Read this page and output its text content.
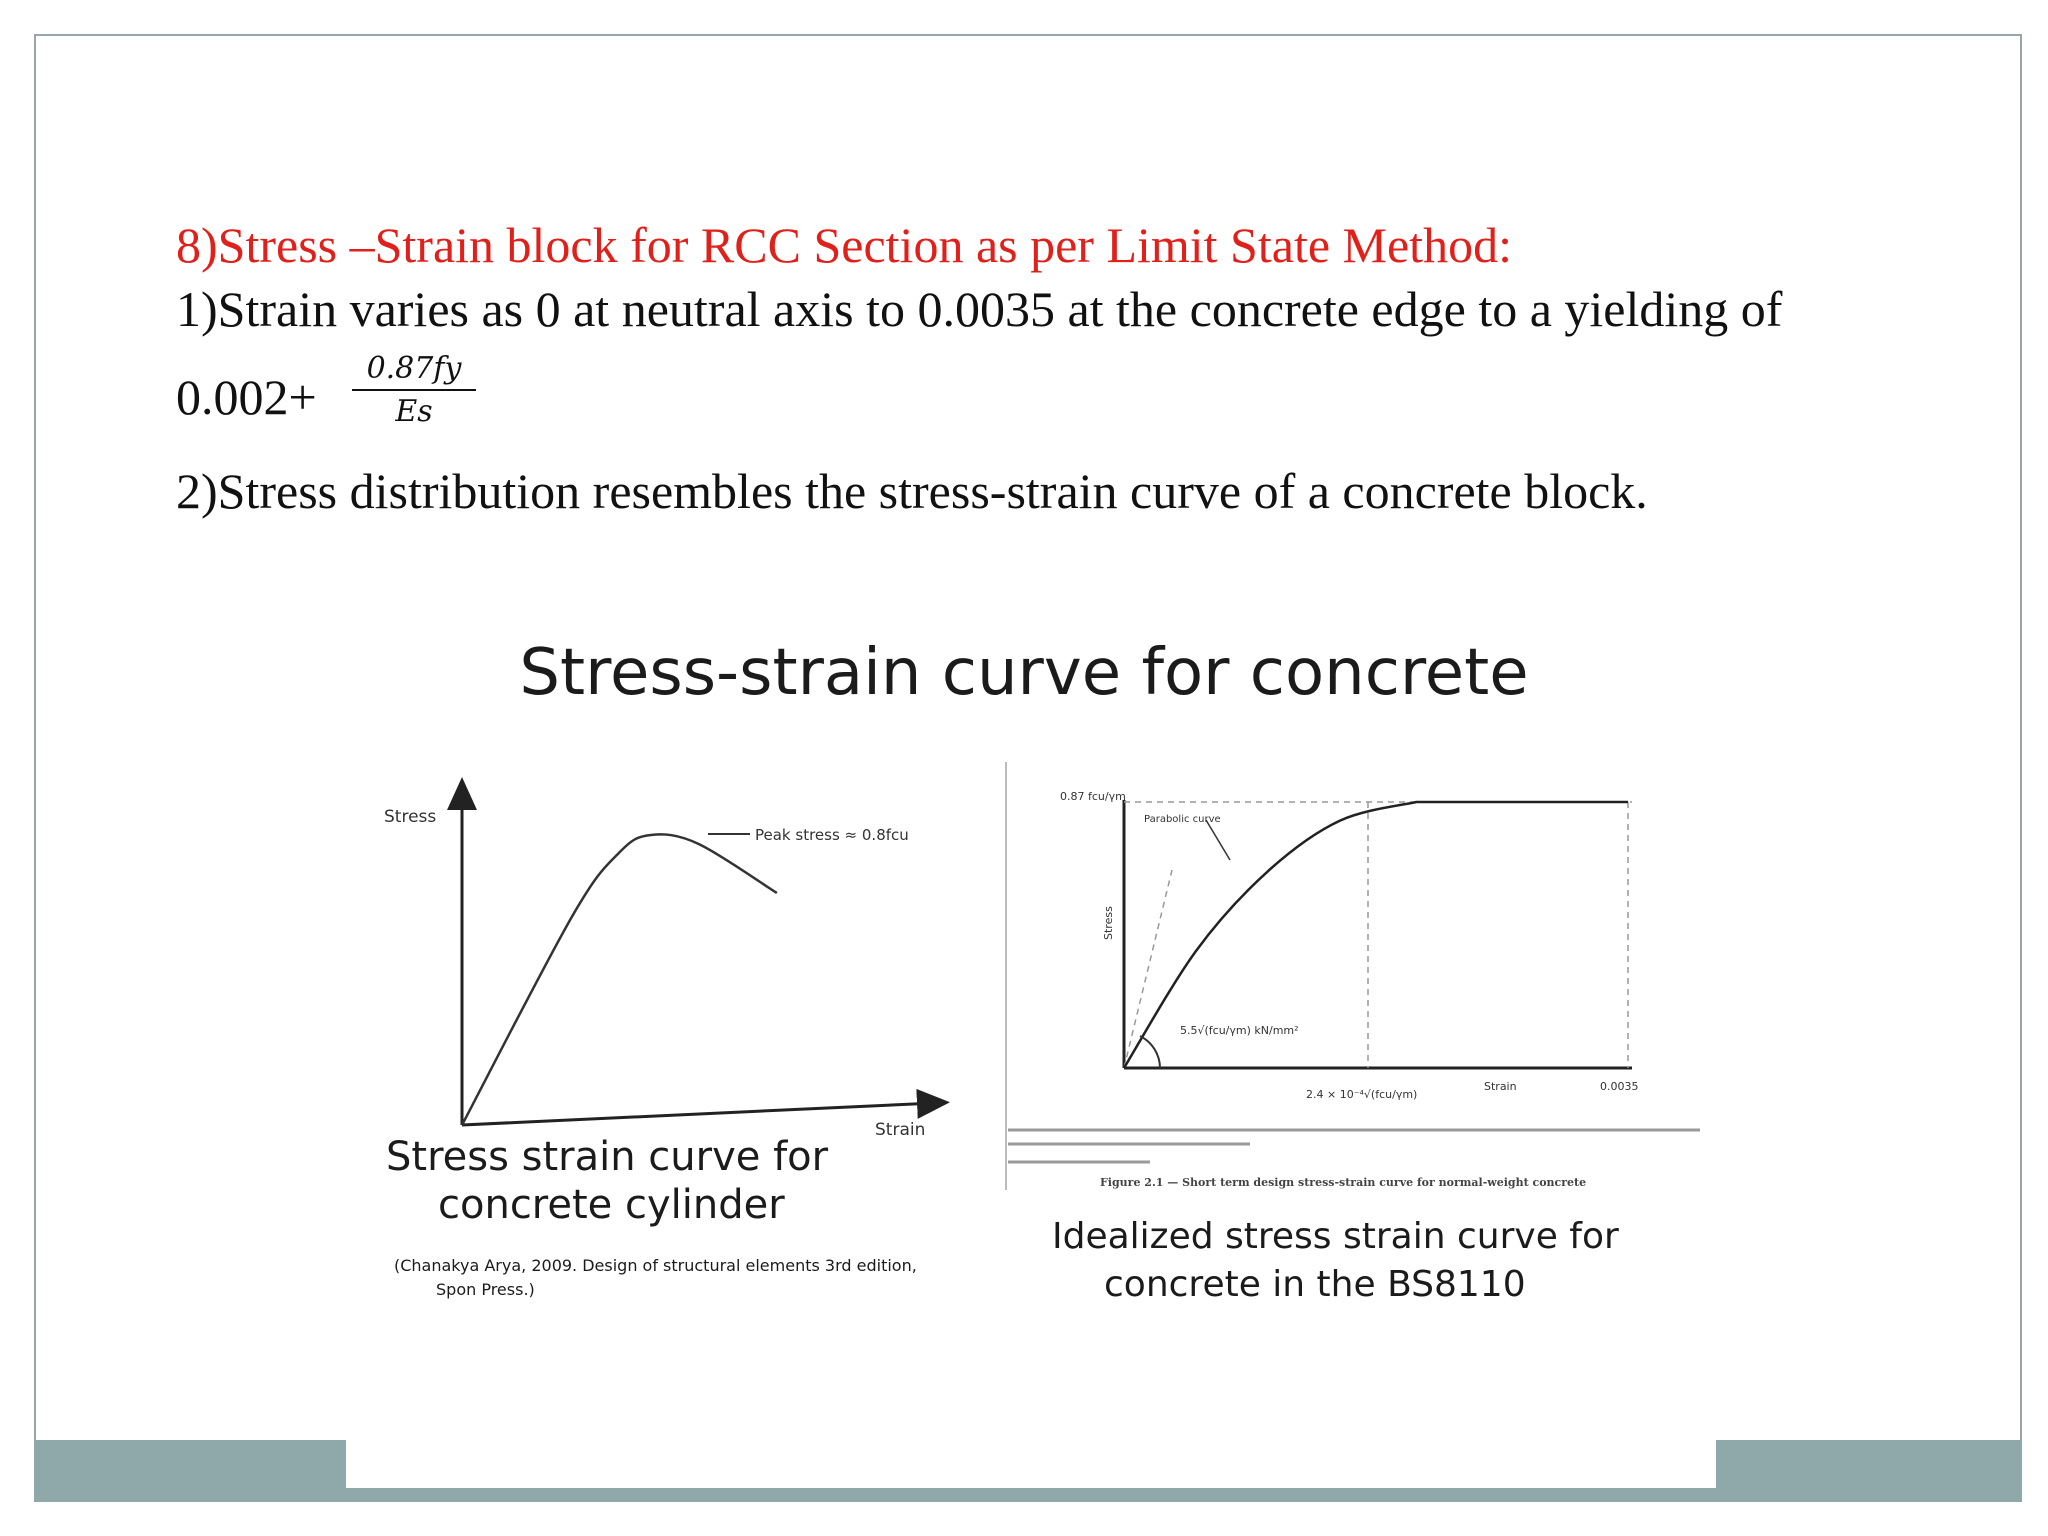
8)Stress –Strain block for RCC Section as per Limit State Method:
1)Strain varies as 0 at neutral axis to 0.0035 at the concrete edge to a yielding of
0.002+
0.87fy
Es
2)Stress distribution resembles the stress-strain curve of a concrete block.
Stress-strain curve for concrete
Stress
Strain
Peak stress ≈ 0.8fcu
Stress
0.87 fcu/γm
Parabolic curve
5.5√(fcu/γm) kN/mm²
2.4 × 10⁻⁴√(fcu/γm)
Strain	0.0035
Figure 2.1 — Short term design stress-strain curve for normal-weight concrete
Stress strain curve for
concrete cylinder
(Chanakya Arya, 2009. Design of structural elements 3rd edition,
Spon Press.)
Idealized stress strain curve for
concrete in the BS8110
